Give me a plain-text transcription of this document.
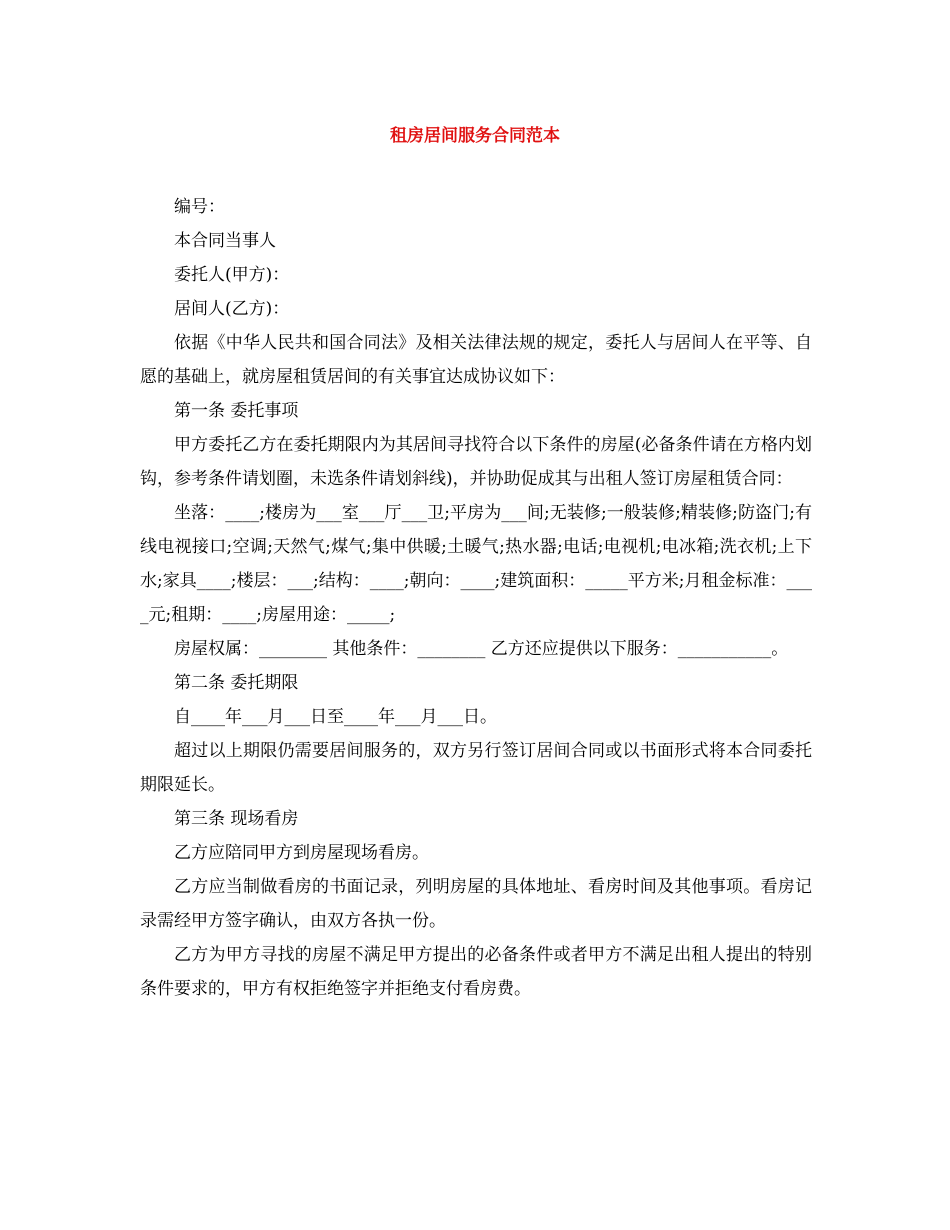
租房居间服务合同范本

编号：

本合同当事人

委托人(甲方)：

居间人(乙方)：

依据《中华人民共和国合同法》及相关法律法规的规定，委托人与居间人在平等、自愿的基础上，就房屋租赁居间的有关事宜达成协议如下：

第一条 委托事项

甲方委托乙方在委托期限内为其居间寻找符合以下条件的房屋(必备条件请在方格内划钩，参考条件请划圈，未选条件请划斜线)，并协助促成其与出租人签订房屋租赁合同：

坐落：____;楼房为___室___厅___卫;平房为___间;无装修;一般装修;精装修;防盗门;有线电视接口;空调;天然气;煤气;集中供暖;土暖气;热水器;电话;电视机;电冰箱;洗衣机;上下水;家具____;楼层：___;结构：____;朝向：____;建筑面积：_____平方米;月租金标准：____元;租期：____;房屋用途：_____;

房屋权属：________ 其他条件：________ 乙方还应提供以下服务：___________。

第二条 委托期限

自____年___月___日至____年___月___日。

超过以上期限仍需要居间服务的，双方另行签订居间合同或以书面形式将本合同委托期限延长。

第三条 现场看房

乙方应陪同甲方到房屋现场看房。

乙方应当制做看房的书面记录，列明房屋的具体地址、看房时间及其他事项。看房记录需经甲方签字确认，由双方各执一份。

乙方为甲方寻找的房屋不满足甲方提出的必备条件或者甲方不满足出租人提出的特别条件要求的，甲方有权拒绝签字并拒绝支付看房费。
